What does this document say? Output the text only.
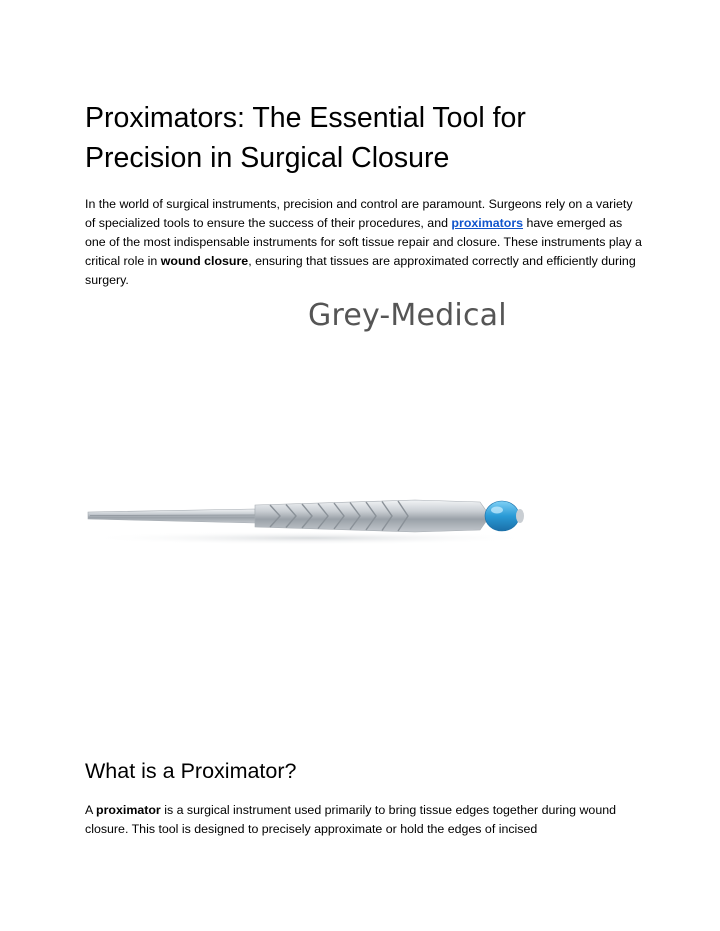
Proximators: The Essential Tool for Precision in Surgical Closure

In the world of surgical instruments, precision and control are paramount. Surgeons rely on a variety of specialized tools to ensure the success of their procedures, and proximators have emerged as one of the most indispensable instruments for soft tissue repair and closure. These instruments play a critical role in wound closure, ensuring that tissues are approximated correctly and efficiently during surgery.

Grey-Medical
What is a Proximator?

A proximator is a surgical instrument used primarily to bring tissue edges together during wound closure. This tool is designed to precisely approximate or hold the edges of incised
